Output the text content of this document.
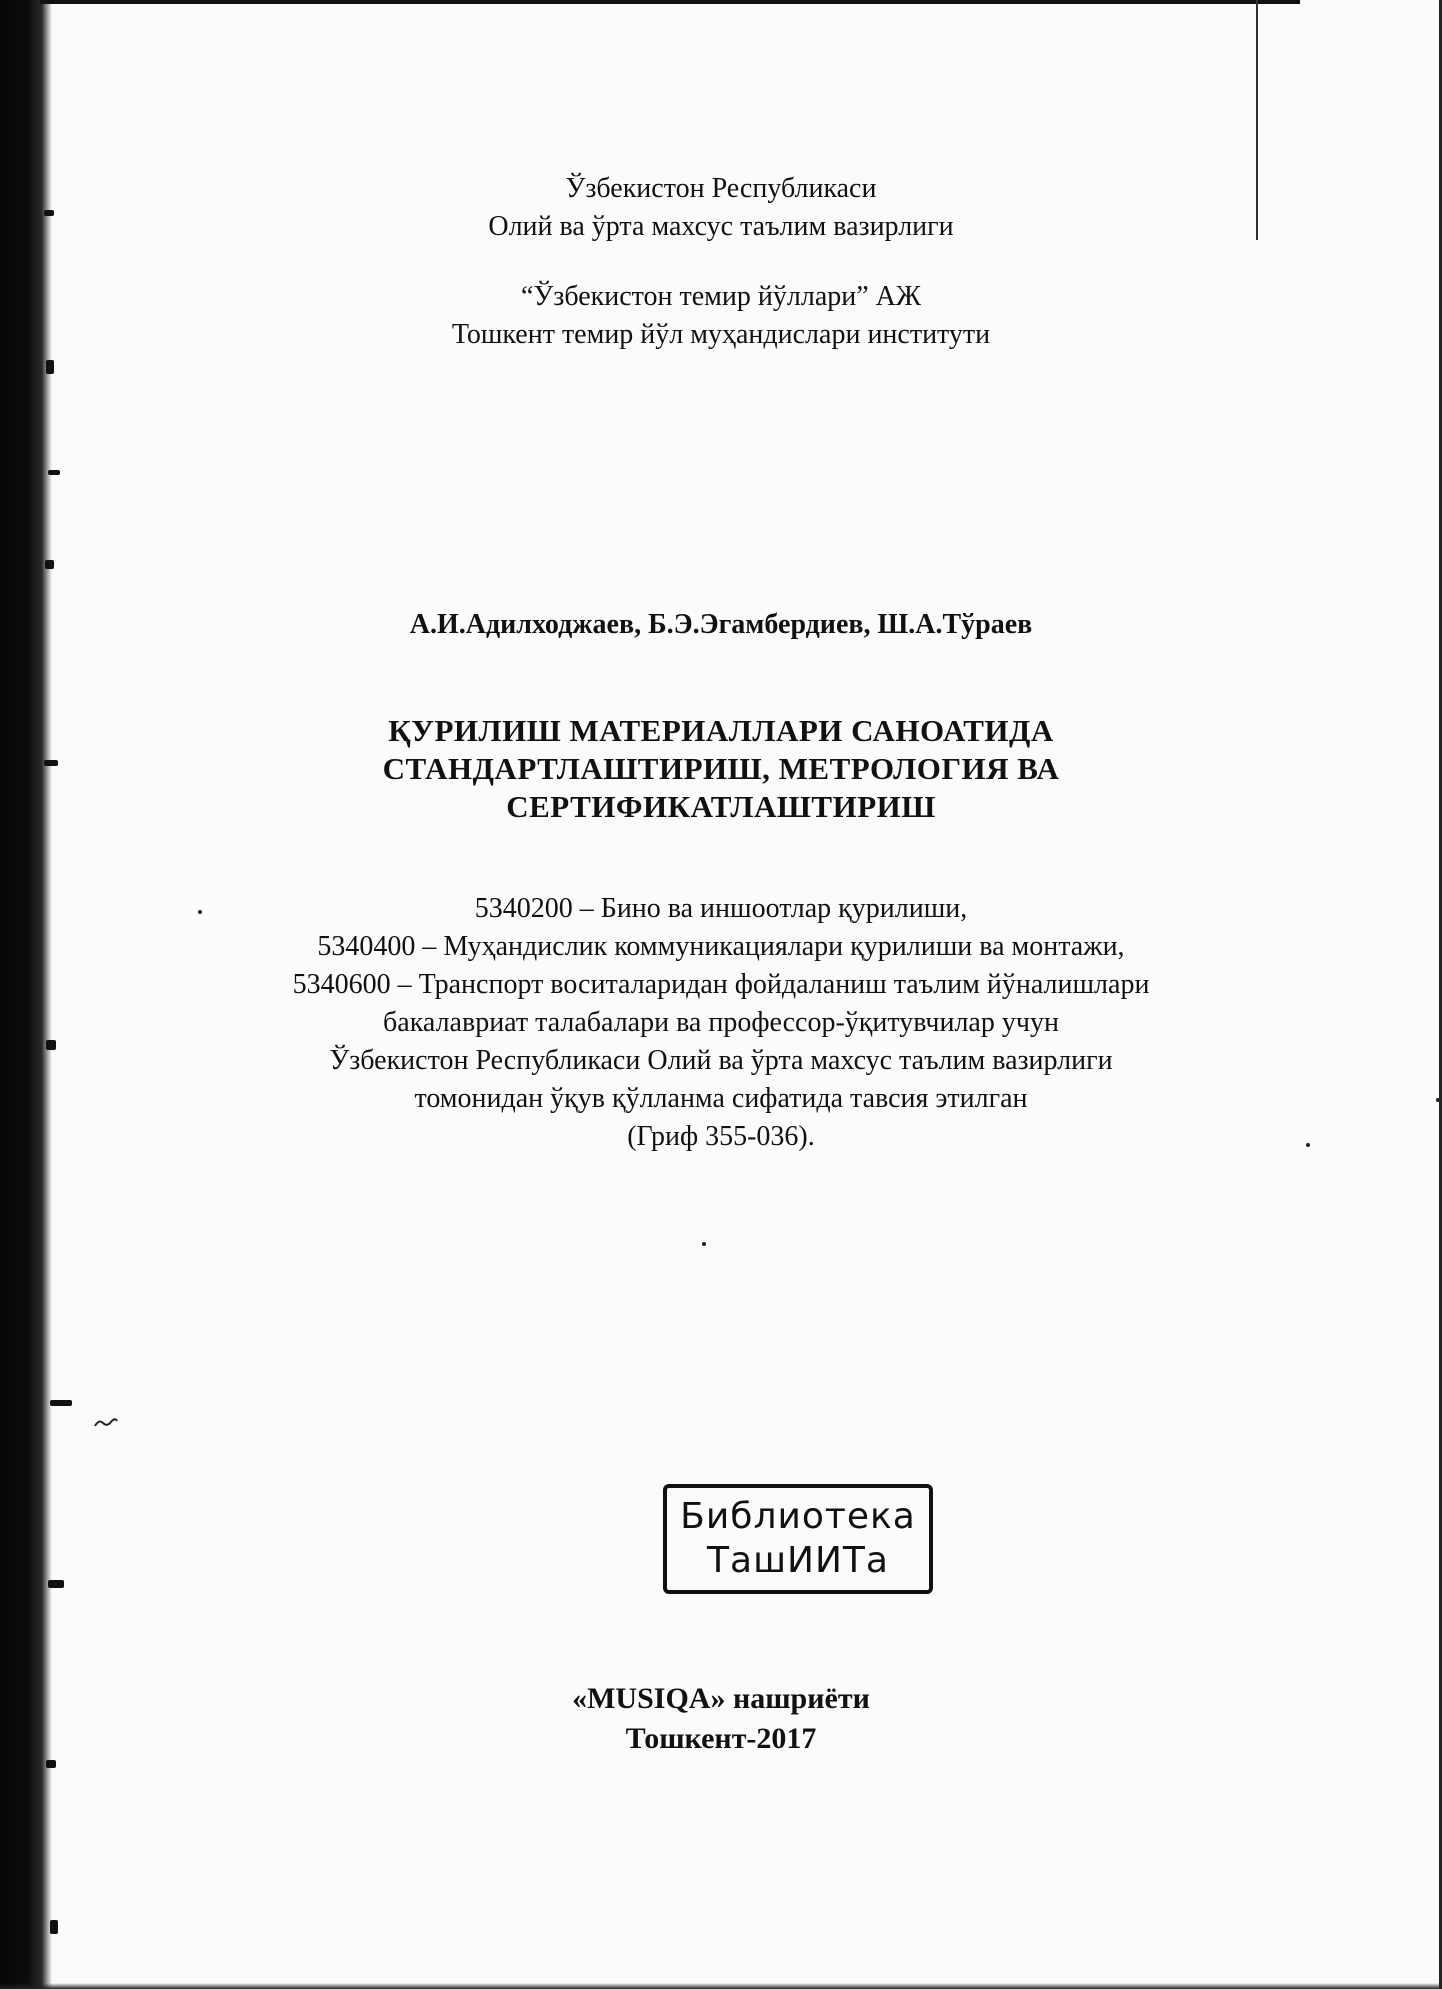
Ўзбекистон Республикаси
Олий ва ўрта махсус таълим вазирлиги
“Ўзбекистон темир йўллари” АЖ
Тошкент темир йўл муҳандислари институти
А.И.Адилходжаев, Б.Э.Эгамбердиев, Ш.А.Тўраев
ҚУРИЛИШ МАТЕРИАЛЛАРИ САНОАТИДА
СТАНДАРТЛАШТИРИШ, МЕТРОЛОГИЯ ВА
СЕРТИФИКАТЛАШТИРИШ
5340200 – Бино ва иншоотлар қурилиши,
5340400 – Муҳандислик коммуникациялари қурилиши ва монтажи,
5340600 – Транспорт воситаларидан фойдаланиш таълим йўналишлари
бакалавриат талабалари ва профессор-ўқитувчилар учун
Ўзбекистон Республикаси Олий ва ўрта махсус таълим вазирлиги
томонидан ўқув қўлланма сифатида тавсия этилган
(Гриф 355-036).
Библиотека
ТашИИТа
«MUSIQA» нашриёти
Тошкент-2017
